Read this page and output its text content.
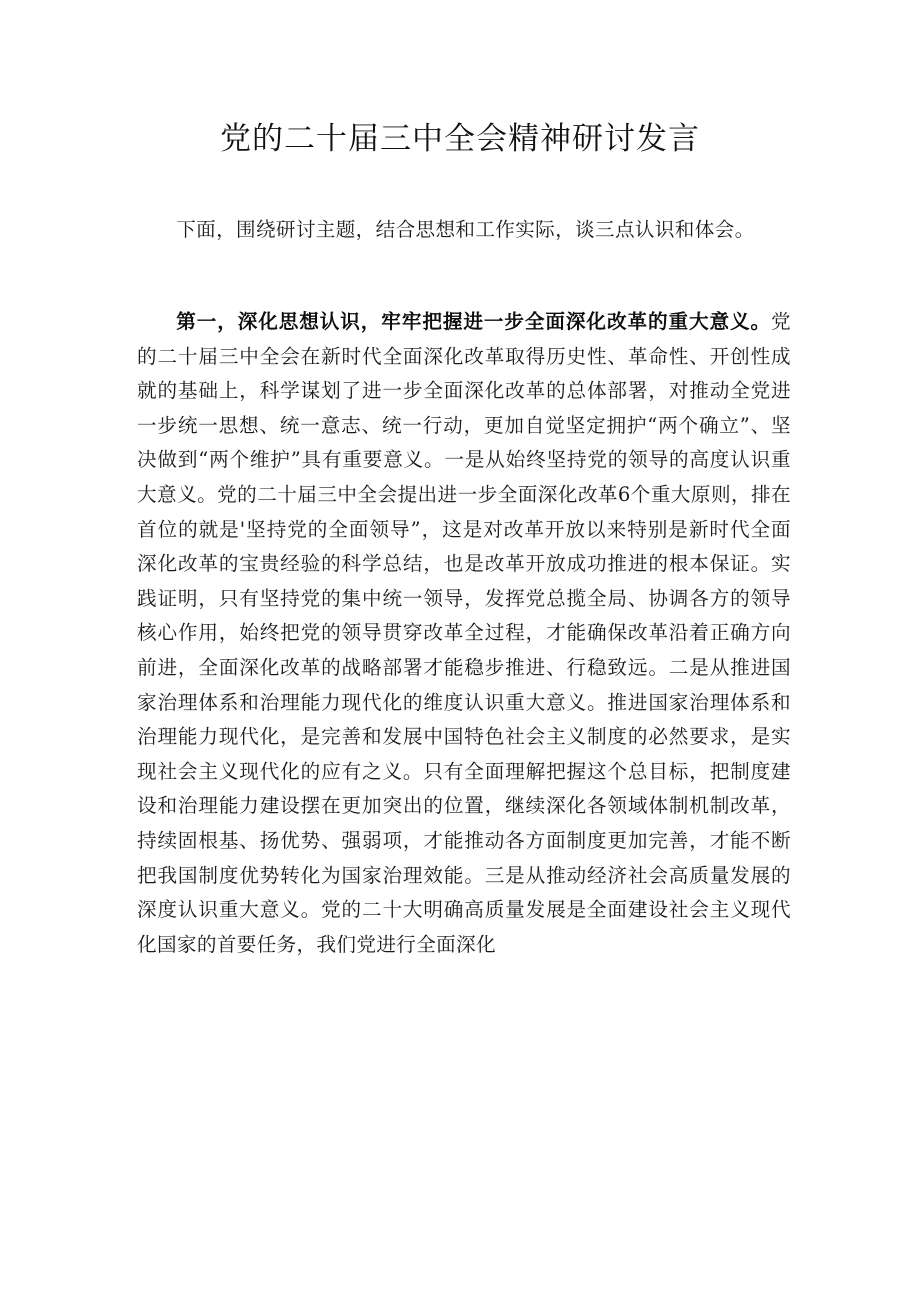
党的二十届三中全会精神研讨发言

下面，围绕研讨主题，结合思想和工作实际，谈三点认识和体会。

第一，深化思想认识，牢牢把握进一步全面深化改革的重大意义。党的二十届三中全会在新时代全面深化改革取得历史性、革命性、开创性成就的基础上，科学谋划了进一步全面深化改革的总体部署，对推动全党进一步统一思想、统一意志、统一行动，更加自觉坚定拥护“两个确立”、坚决做到“两个维护”具有重要意义。一是从始终坚持党的领导的高度认识重大意义。党的二十届三中全会提出进一步全面深化改革6个重大原则，排在首位的就是'坚持党的全面领导”，这是对改革开放以来特别是新时代全面深化改革的宝贵经验的科学总结，也是改革开放成功推进的根本保证。实践证明，只有坚持党的集中统一领导，发挥党总揽全局、协调各方的领导核心作用，始终把党的领导贯穿改革全过程，才能确保改革沿着正确方向前进，全面深化改革的战略部署才能稳步推进、行稳致远。二是从推进国家治理体系和治理能力现代化的维度认识重大意义。推进国家治理体系和治理能力现代化，是完善和发展中国特色社会主义制度的必然要求，是实现社会主义现代化的应有之义。只有全面理解把握这个总目标，把制度建设和治理能力建设摆在更加突出的位置，继续深化各领域体制机制改革，持续固根基、扬优势、强弱项，才能推动各方面制度更加完善，才能不断把我国制度优势转化为国家治理效能。三是从推动经济社会高质量发展的深度认识重大意义。党的二十大明确高质量发展是全面建设社会主义现代化国家的首要任务，我们党进行全面深化
